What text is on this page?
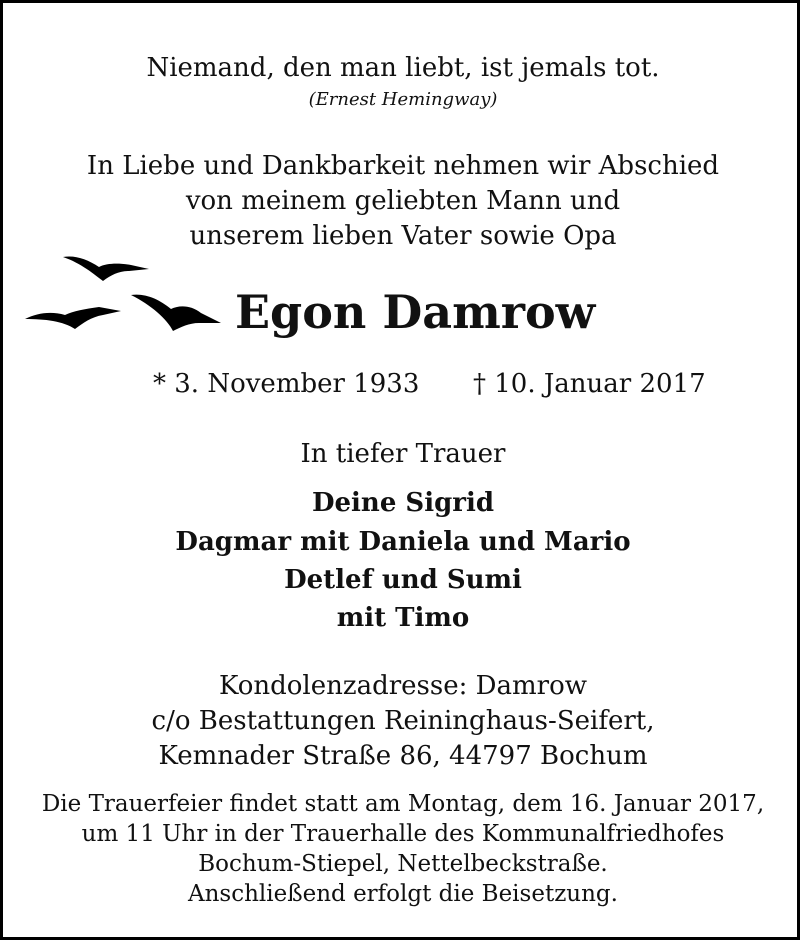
Niemand, den man liebt, ist jemals tot.
(Ernest Hemingway)
In Liebe und Dankbarkeit nehmen wir Abschied
von meinem geliebten Mann und
unserem lieben Vater sowie Opa
Egon Damrow
* 3. November 1933 † 10. Januar 2017
In tiefer Trauer
Deine Sigrid
Dagmar mit Daniela und Mario
Detlef und Sumi
mit Timo
Kondolenzadresse: Damrow
c/o Bestattungen Reininghaus-Seifert,
Kemnader Straße 86, 44797 Bochum
Die Trauerfeier findet statt am Montag, dem 16. Januar 2017,
um 11 Uhr in der Trauerhalle des Kommunalfriedhofes
Bochum-Stiepel, Nettelbeckstraße.
Anschließend erfolgt die Beisetzung.
